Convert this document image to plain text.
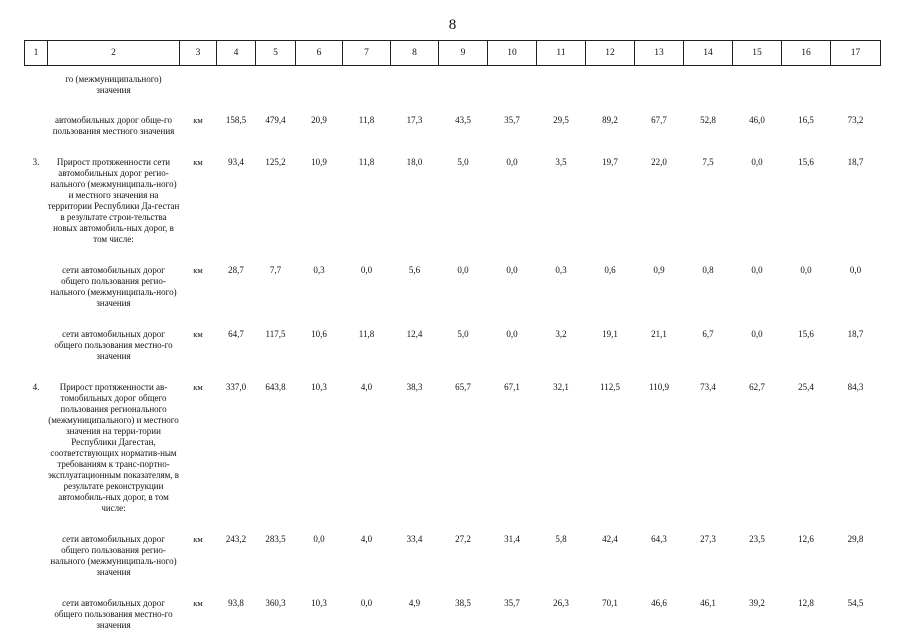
8
1	2	3	4	5	6	7	8	9	10	11	12	13	14	15	16	17
	го (межмуниципального) значения															
	автомобильных дорог обще-го пользования местного значения	км	158,5	479,4	20,9	11,8	17,3	43,5	35,7	29,5	89,2	67,7	52,8	46,0	16,5	73,2
3.	Прирост протяженности сети автомобильных дорог регио-нального (межмуниципаль-ного) и местного значения на территории Республики Да-гестан в результате строи-тельства новых автомобиль-ных дорог, в том числе:	км	93,4	125,2	10,9	11,8	18,0	5,0	0,0	3,5	19,7	22,0	7,5	0,0	15,6	18,7
	сети автомобильных дорог общего пользования регио-нального (межмуниципаль-ного) значения	км	28,7	7,7	0,3	0,0	5,6	0,0	0,0	0,3	0,6	0,9	0,8	0,0	0,0	0,0
	сети автомобильных дорог общего пользования местно-го значения	км	64,7	117,5	10,6	11,8	12,4	5,0	0,0	3,2	19,1	21,1	6,7	0,0	15,6	18,7
4.	Прирост протяженности ав-томобильных дорог общего пользования регионального (межмуниципального) и местного значения на терри-тории Республики Дагестан, соответствующих норматив-ным требованиям к транс-портно-эксплуатационным показателям, в результате реконструкции автомобиль-ных дорог, в том числе:	км	337,0	643,8	10,3	4,0	38,3	65,7	67,1	32,1	112,5	110,9	73,4	62,7	25,4	84,3
	сети автомобильных дорог общего пользования регио-нального (межмуниципаль-ного) значения	км	243,2	283,5	0,0	4,0	33,4	27,2	31,4	5,8	42,4	64,3	27,3	23,5	12,6	29,8
	сети автомобильных дорог общего пользования местно-го значения	км	93,8	360,3	10,3	0,0	4,9	38,5	35,7	26,3	70,1	46,6	46,1	39,2	12,8	54,5
